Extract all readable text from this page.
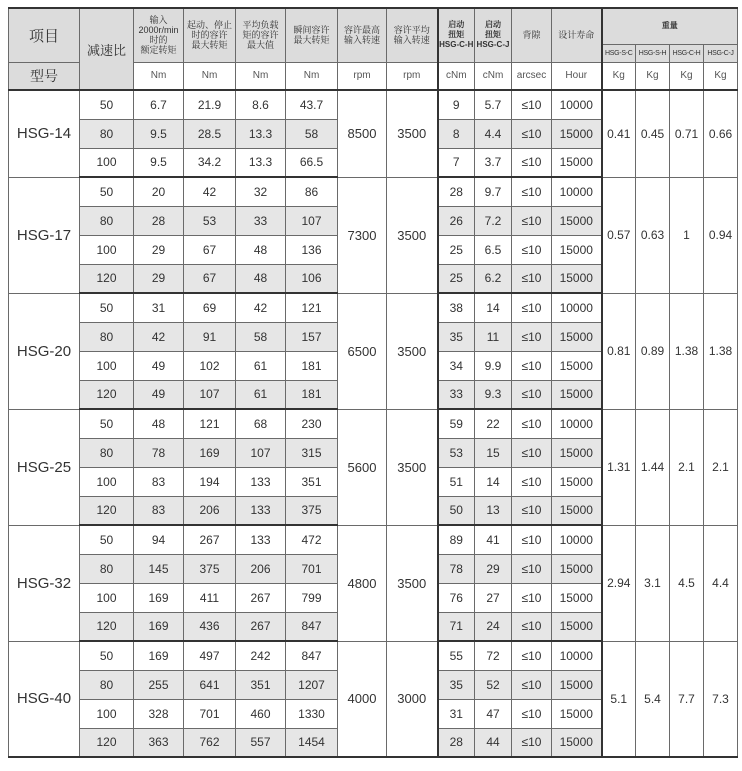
项目	减速比	输入
2000r/min
时的
额定转矩	起动、停止
时的容许
最大转矩	平均负载
矩的容许
最大值	瞬间容许
最大转矩	容许最高
输入转速	容许平均
输入转速	启动
扭矩
HSG-C-H	启动
扭矩
HSG-C-J	背隙	设计寿命	重量			
												HSG-S-C	HSG-S-H	HSG-C-H	HSG-C-J
型号		Nm	Nm	Nm	Nm	rpm	rpm	cNm	cNm	arcsec	Hour	Kg	Kg	Kg	Kg
HSG-14	50	6.7	21.9	8.6	43.7	8500	3500	9	5.7	≤10	10000	0.41	0.45	0.71	0.66
	80	9.5	28.5	13.3	58			8	4.4	≤10	15000				
	100	9.5	34.2	13.3	66.5			7	3.7	≤10	15000				
HSG-17	50	20	42	32	86	7300	3500	28	9.7	≤10	10000	0.57	0.63	1	0.94
	80	28	53	33	107			26	7.2	≤10	15000				
	100	29	67	48	136			25	6.5	≤10	15000				
	120	29	67	48	106			25	6.2	≤10	15000				
HSG-20	50	31	69	42	121	6500	3500	38	14	≤10	10000	0.81	0.89	1.38	1.38
	80	42	91	58	157			35	11	≤10	15000				
	100	49	102	61	181			34	9.9	≤10	15000				
	120	49	107	61	181			33	9.3	≤10	15000				
HSG-25	50	48	121	68	230	5600	3500	59	22	≤10	10000	1.31	1.44	2.1	2.1
	80	78	169	107	315			53	15	≤10	15000				
	100	83	194	133	351			51	14	≤10	15000				
	120	83	206	133	375			50	13	≤10	15000				
HSG-32	50	94	267	133	472	4800	3500	89	41	≤10	10000	2.94	3.1	4.5	4.4
	80	145	375	206	701			78	29	≤10	15000				
	100	169	411	267	799			76	27	≤10	15000				
	120	169	436	267	847			71	24	≤10	15000				
HSG-40	50	169	497	242	847	4000	3000	55	72	≤10	10000	5.1	5.4	7.7	7.3
	80	255	641	351	1207			35	52	≤10	15000				
	100	328	701	460	1330			31	47	≤10	15000				
	120	363	762	557	1454			28	44	≤10	15000				
